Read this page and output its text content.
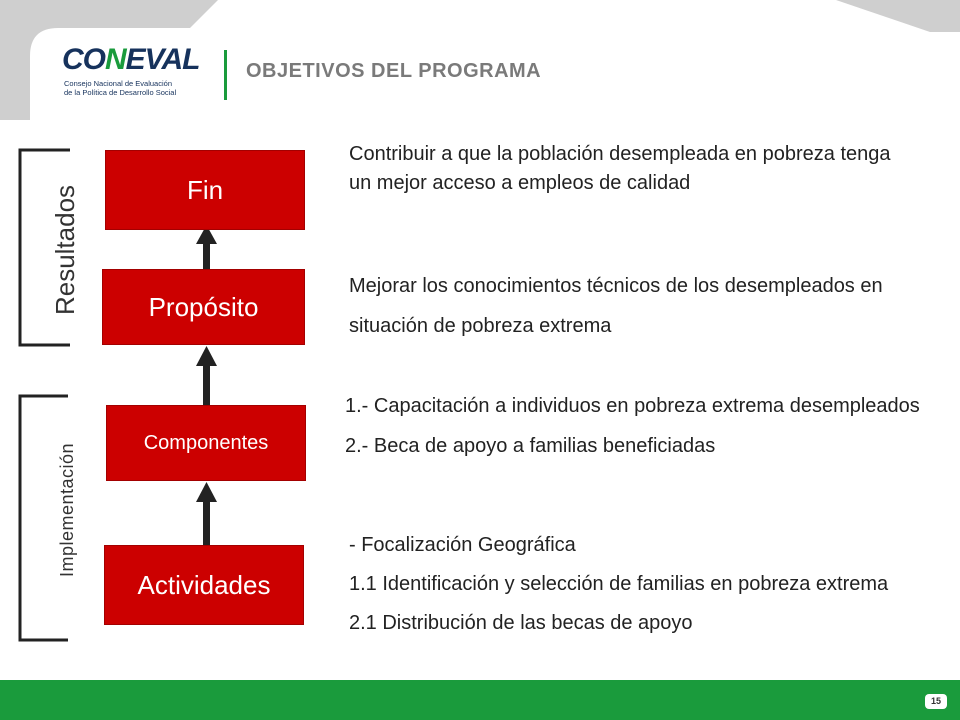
CONEVAL
Consejo Nacional de Evaluación
de la Política de Desarrollo Social
OBJETIVOS DEL PROGRAMA
Resultados
Implementación
Fin
Propósito
Componentes
Actividades

Contribuir a que la población desempleada en pobreza tenga un mejor acceso a empleos de calidad

Mejorar los conocimientos técnicos de los desempleados en situación de pobreza extrema

1.- Capacitación a individuos en pobreza extrema desempleados

2.- Beca de apoyo a familias beneficiadas

- Focalización Geográfica

1.1 Identificación y selección de familias en pobreza extrema

2.1 Distribución de las becas de apoyo

15
